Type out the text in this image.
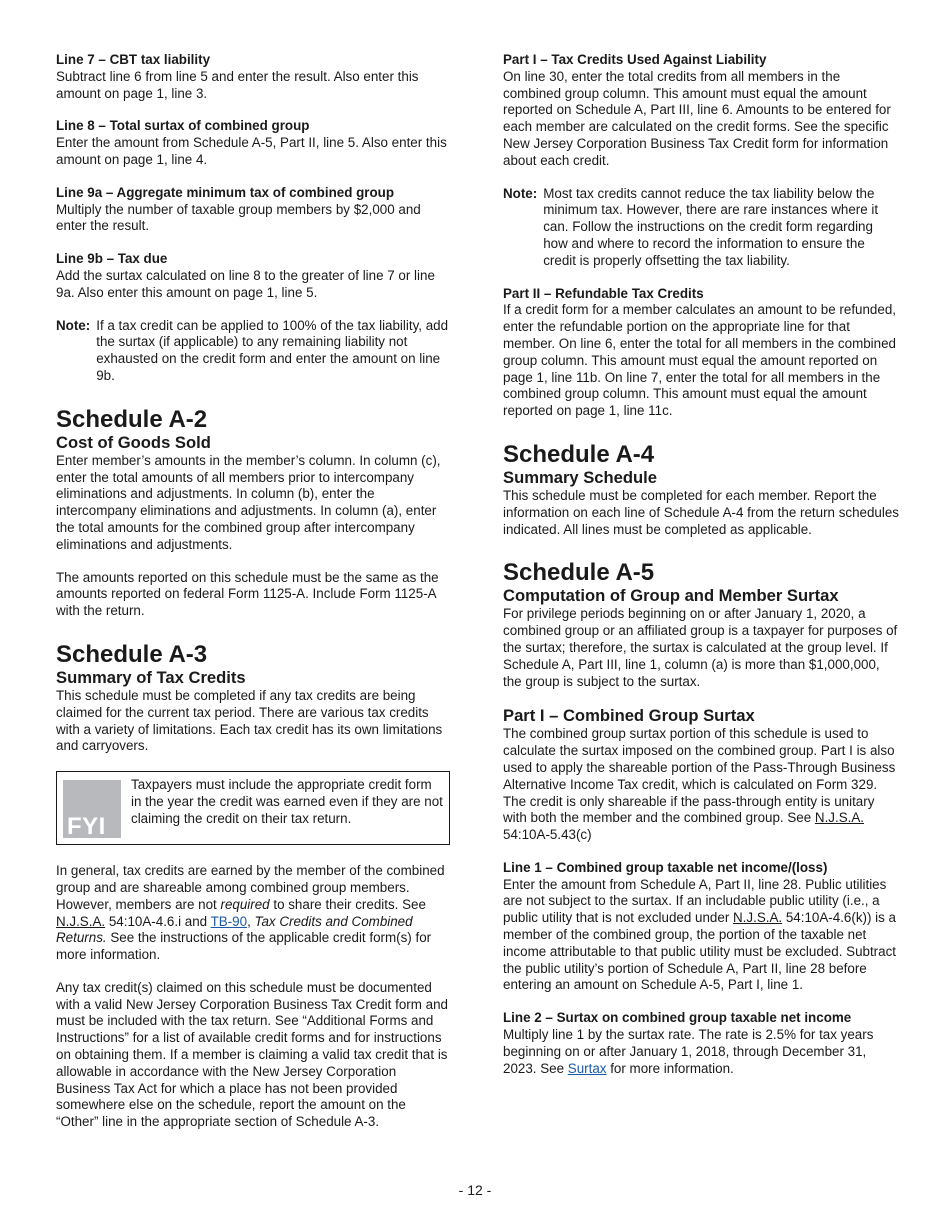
Line 7 – CBT tax liability

Subtract line 6 from line 5 and enter the result. Also enter this amount on page 1, line 3.

Line 8 – Total surtax of combined group

Enter the amount from Schedule A-5, Part II, line 5. Also enter this amount on page 1, line 4.

Line 9a – Aggregate minimum tax of combined group

Multiply the number of taxable group members by $2,000 and enter the result.

Line 9b – Tax due

Add the surtax calculated on line 8 to the greater of line 7 or line 9a. Also enter this amount on page 1, line 5.

Note: If a tax credit can be applied to 100% of the tax liability, add the surtax (if applicable) to any remaining liability not exhausted on the credit form and enter the amount on line 9b.
Schedule A-2
Cost of Goods Sold

Enter member’s amounts in the member’s column. In column (c), enter the total amounts of all members prior to intercompany eliminations and adjustments. In column (b), enter the intercompany eliminations and adjustments. In column (a), enter the total amounts for the combined group after intercompany eliminations and adjustments.

The amounts reported on this schedule must be the same as the amounts reported on federal Form 1125-A. Include Form 1125-A with the return.

Schedule A-3
Summary of Tax Credits

This schedule must be completed if any tax credits are being claimed for the current tax period. There are various tax credits with a variety of limitations. Each tax credit has its own limitations and carryovers.

FYI

Taxpayers must include the appropriate credit form in the year the credit was earned even if they are not claiming the credit on their tax return.

In general, tax credits are earned by the member of the combined group and are shareable among combined group members. However, members are not required to share their credits. See N.J.S.A. 54:10A-4.6.i and TB-90, Tax Credits and Combined Returns. See the instructions of the applicable credit form(s) for more information.

Any tax credit(s) claimed on this schedule must be documented with a valid New Jersey Corporation Business Tax Credit form and must be included with the tax return. See “Additional Forms and Instructions” for a list of available credit forms and for instructions on obtaining them. If a member is claiming a valid tax credit that is allowable in accordance with the New Jersey Corporation Business Tax Act for which a place has not been provided somewhere else on the schedule, report the amount on the “Other” line in the appropriate section of Schedule A-3.

Part I – Tax Credits Used Against Liability

On line 30, enter the total credits from all members in the combined group column. This amount must equal the amount reported on Schedule A, Part III, line 6. Amounts to be entered for each member are calculated on the credit forms. See the specific New Jersey Corporation Business Tax Credit form for information about each credit.

Note: Most tax credits cannot reduce the tax liability below the minimum tax. However, there are rare instances where it can. Follow the instructions on the credit form regarding how and where to record the information to ensure the credit is properly offsetting the tax liability.
Part II – Refundable Tax Credits

If a credit form for a member calculates an amount to be refunded, enter the refundable portion on the appropriate line for that member. On line 6, enter the total for all members in the combined group column. This amount must equal the amount reported on page 1, line 11b. On line 7, enter the total for all members in the combined group column. This amount must equal the amount reported on page 1, line 11c.

Schedule A-4
Summary Schedule

This schedule must be completed for each member. Report the information on each line of Schedule A-4 from the return schedules indicated. All lines must be completed as applicable.

Schedule A-5
Computation of Group and Member Surtax

For privilege periods beginning on or after January 1, 2020, a combined group or an affiliated group is a taxpayer for purposes of the surtax; therefore, the surtax is calculated at the group level. If Schedule A, Part III, line 1, column (a) is more than $1,000,000, the group is subject to the surtax.

Part I – Combined Group Surtax

The combined group surtax portion of this schedule is used to calculate the surtax imposed on the combined group. Part I is also used to apply the shareable portion of the Pass-Through Business Alternative Income Tax credit, which is calculated on Form 329. The credit is only shareable if the pass-through entity is unitary with both the member and the combined group. See N.J.S.A. 54:10A-5.43(c)

Line 1 – Combined group taxable net income/(loss)

Enter the amount from Schedule A, Part II, line 28. Public utilities are not subject to the surtax. If an includable public utility (i.e., a public utility that is not excluded under N.J.S.A. 54:10A-4.6(k)) is a member of the combined group, the portion of the taxable net income attributable to that public utility must be excluded. Subtract the public utility’s portion of Schedule A, Part II, line 28 before entering an amount on Schedule A-5, Part I, line 1.

Line 2 – Surtax on combined group taxable net income

Multiply line 1 by the surtax rate. The rate is 2.5% for tax years beginning on or after January 1, 2018, through December 31, 2023. See Surtax for more information.

- 12 -
